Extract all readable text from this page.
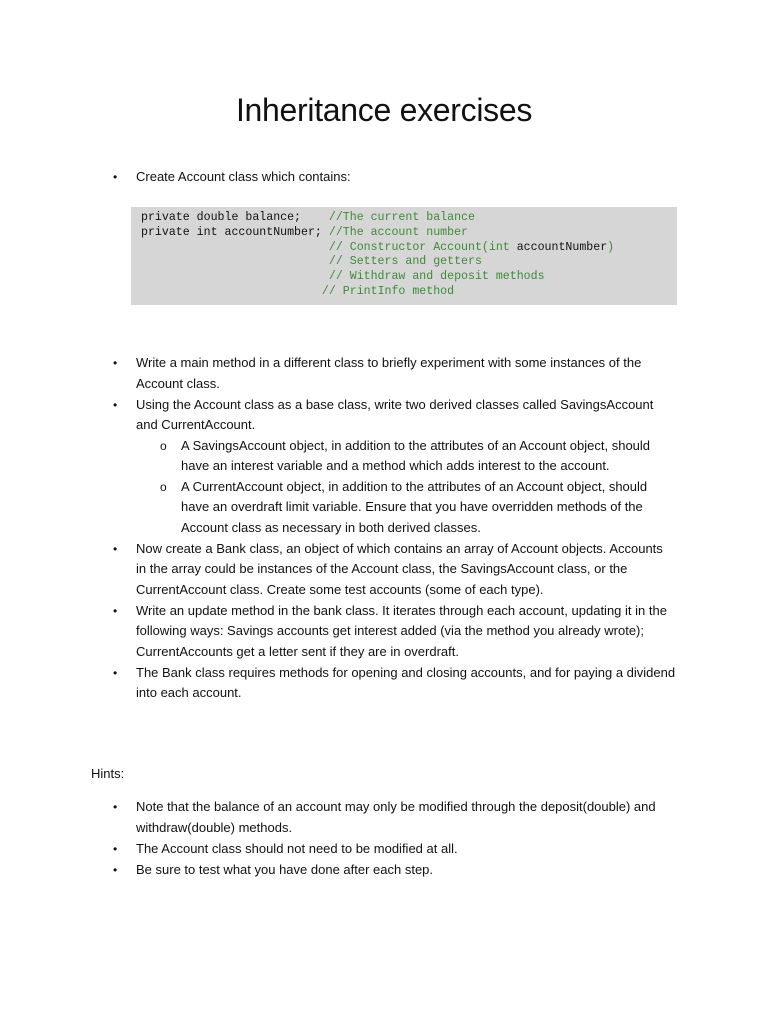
Inheritance exercises
• Create Account class which contains:
private double balance;    //The current balance
private int accountNumber; //The account number
// Constructor Account(int accountNumber)
// Setters and getters
// Withdraw and deposit methods
// PrintInfo method
• Write a main method in a different class to briefly experiment with some instances of the Account class.
• Using the Account class as a base class, write two derived classes called SavingsAccount and CurrentAccount.
o A SavingsAccount object, in addition to the attributes of an Account object, should have an interest variable and a method which adds interest to the account.
o A CurrentAccount object, in addition to the attributes of an Account object, should have an overdraft limit variable. Ensure that you have overridden methods of the Account class as necessary in both derived classes.
• Now create a Bank class, an object of which contains an array of Account objects. Accounts in the array could be instances of the Account class, the SavingsAccount class, or the CurrentAccount class. Create some test accounts (some of each type).
• Write an update method in the bank class. It iterates through each account, updating it in the following ways: Savings accounts get interest added (via the method you already wrote); CurrentAccounts get a letter sent if they are in overdraft.
• The Bank class requires methods for opening and closing accounts, and for paying a dividend into each account.

Hints:

• Note that the balance of an account may only be modified through the deposit(double) and withdraw(double) methods.
• The Account class should not need to be modified at all.
• Be sure to test what you have done after each step.
